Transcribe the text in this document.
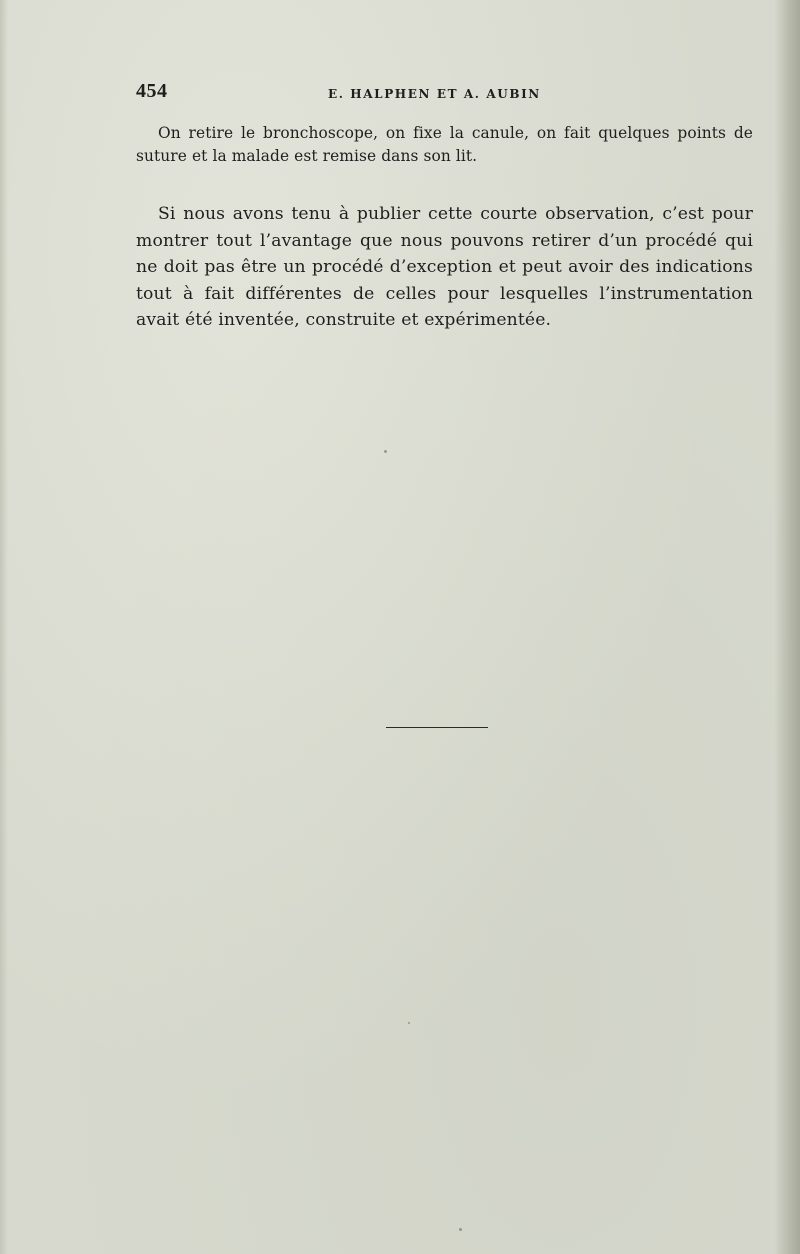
454	E. HALPHEN ET A. AUBIN

On retire le bronchoscope, on fixe la canule, on fait quelques points de suture et la malade est remise dans son lit.

Si nous avons tenu à publier cette courte observation, c’est pour montrer tout l’avantage que nous pouvons retirer d’un procédé qui ne doit pas être un procédé d’exception et peut avoir des indications tout à fait différentes de celles pour lesquelles l’instrumentation avait été inventée, construite et expérimentée.
